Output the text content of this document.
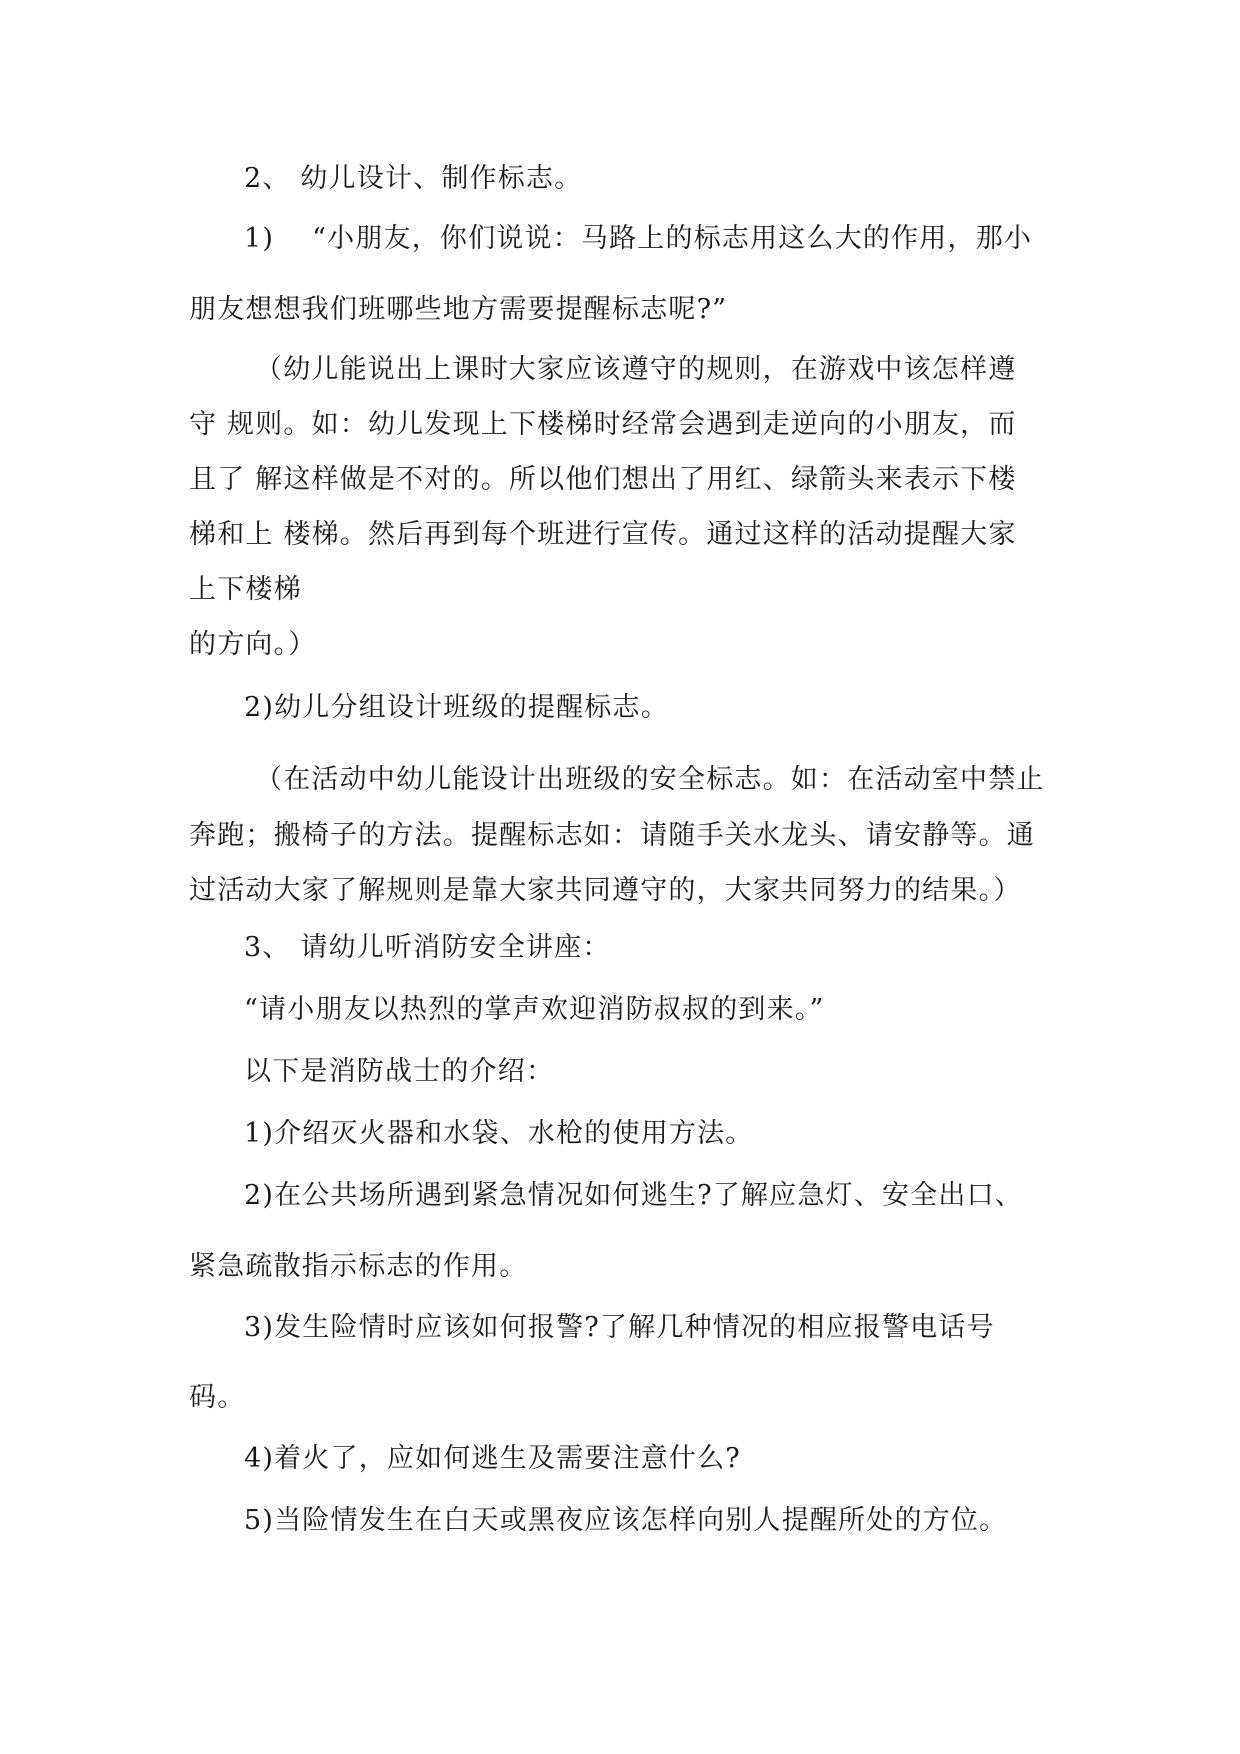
2、 幼儿设计、制作标志。
1)　 “小朋友，你们说说：马路上的标志用这么大的作用，那小
朋友想想我们班哪些地方需要提醒标志呢?”
（幼儿能说出上课时大家应该遵守的规则，在游戏中该怎样遵
守 规则。如：幼儿发现上下楼梯时经常会遇到走逆向的小朋友，而
且了 解这样做是不对的。所以他们想出了用红、绿箭头来表示下楼
梯和上 楼梯。然后再到每个班进行宣传。通过这样的活动提醒大家
上下楼梯
的方向。）
2)幼儿分组设计班级的提醒标志。
（在活动中幼儿能设计出班级的安全标志。如：在活动室中禁止
奔跑；搬椅子的方法。提醒标志如：请随手关水龙头、请安静等。通
过活动大家了解规则是靠大家共同遵守的，大家共同努力的结果。）
3、 请幼儿听消防安全讲座：
“请小朋友以热烈的掌声欢迎消防叔叔的到来。”
以下是消防战士的介绍：
1)介绍灭火器和水袋、水枪的使用方法。
2)在公共场所遇到紧急情况如何逃生?了解应急灯、安全出口、
紧急疏散指示标志的作用。
3)发生险情时应该如何报警?了解几种情况的相应报警电话号
码。
4)着火了，应如何逃生及需要注意什么?
5)当险情发生在白天或黑夜应该怎样向别人提醒所处的方位。
